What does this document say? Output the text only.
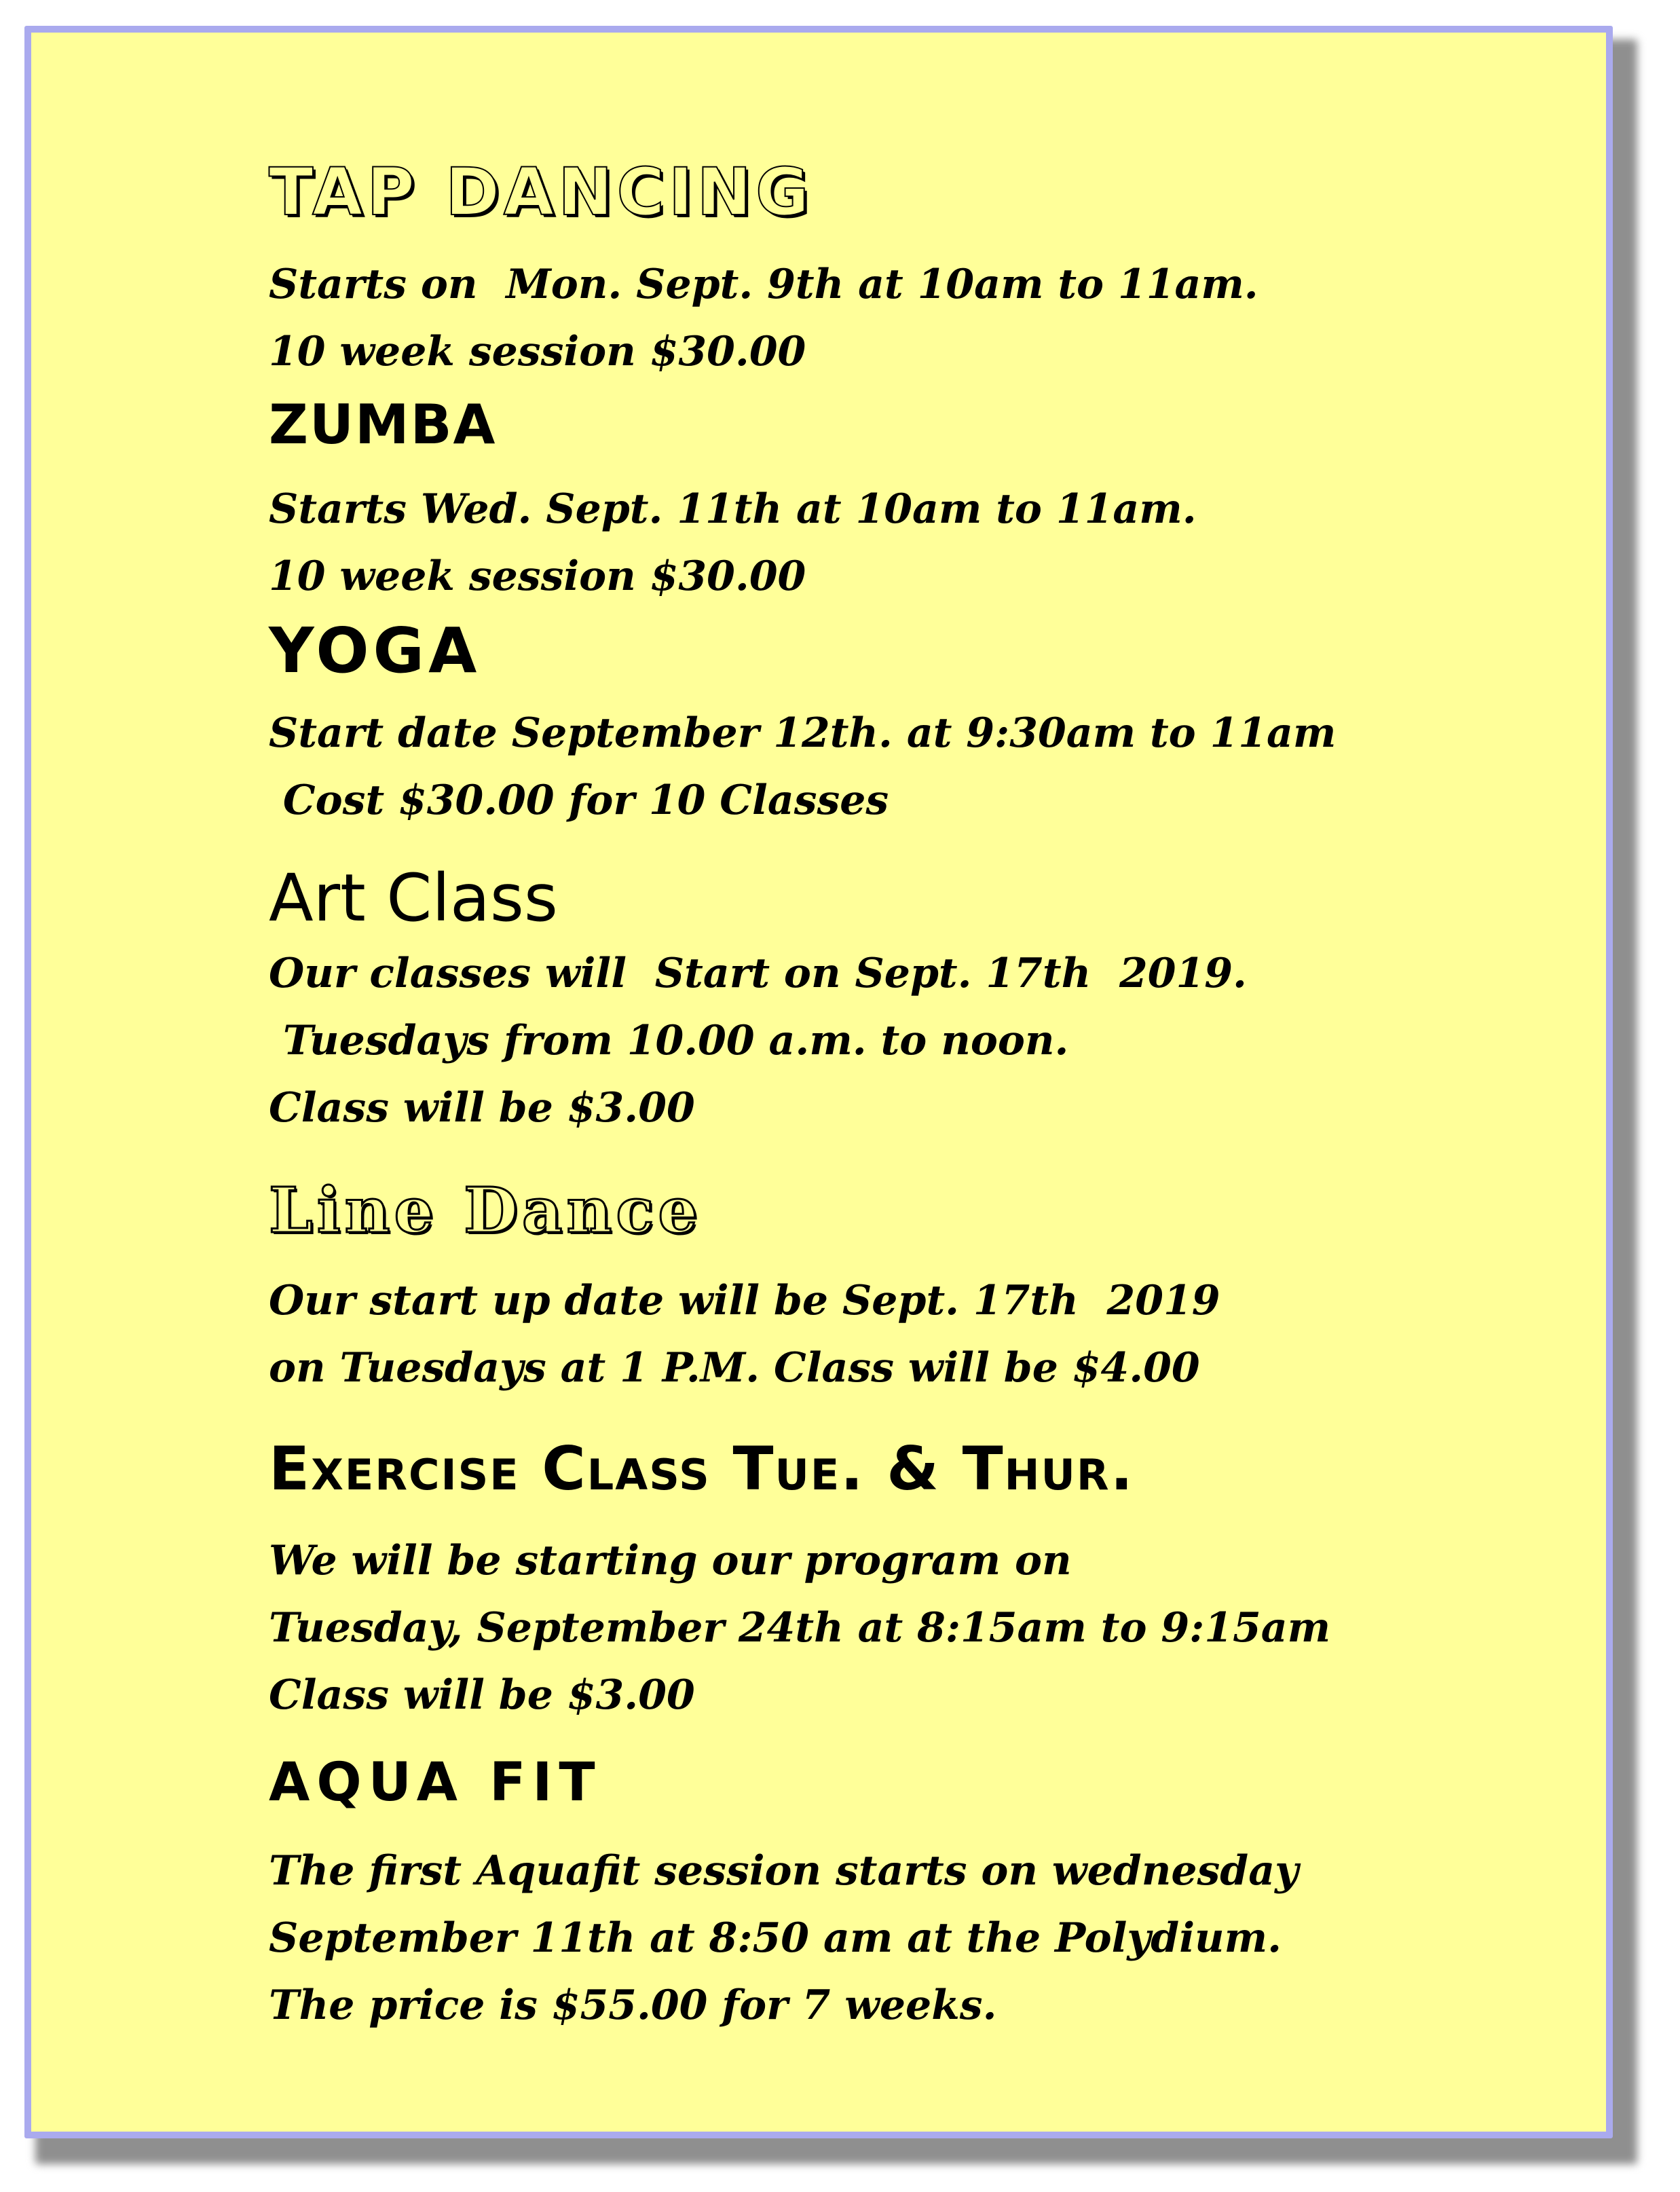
TAP DANCING
Starts on  Mon. Sept. 9th at 10am to 11am.
10 week session $30.00
ZUMBA
Starts Wed. Sept. 11th at 10am to 11am.
10 week session $30.00
YOGA
Start date September 12th. at 9:30am to 11am
Cost $30.00 for 10 Classes
Art Class
Our classes will  Start on Sept. 17th  2019.
Tuesdays from 10.00 a.m. to noon.
Class will be $3.00
Line Dance
Our start up date will be Sept. 17th  2019
on Tuesdays at 1 P.M. Class will be $4.00
Exercise Class Tue. & Thur.
We will be starting our program on
Tuesday, September 24th at 8:15am to 9:15am
Class will be $3.00
AQUA FIT
The first Aquafit session starts on wednesday
September 11th at 8:50 am at the Polydium.
The price is $55.00 for 7 weeks.
